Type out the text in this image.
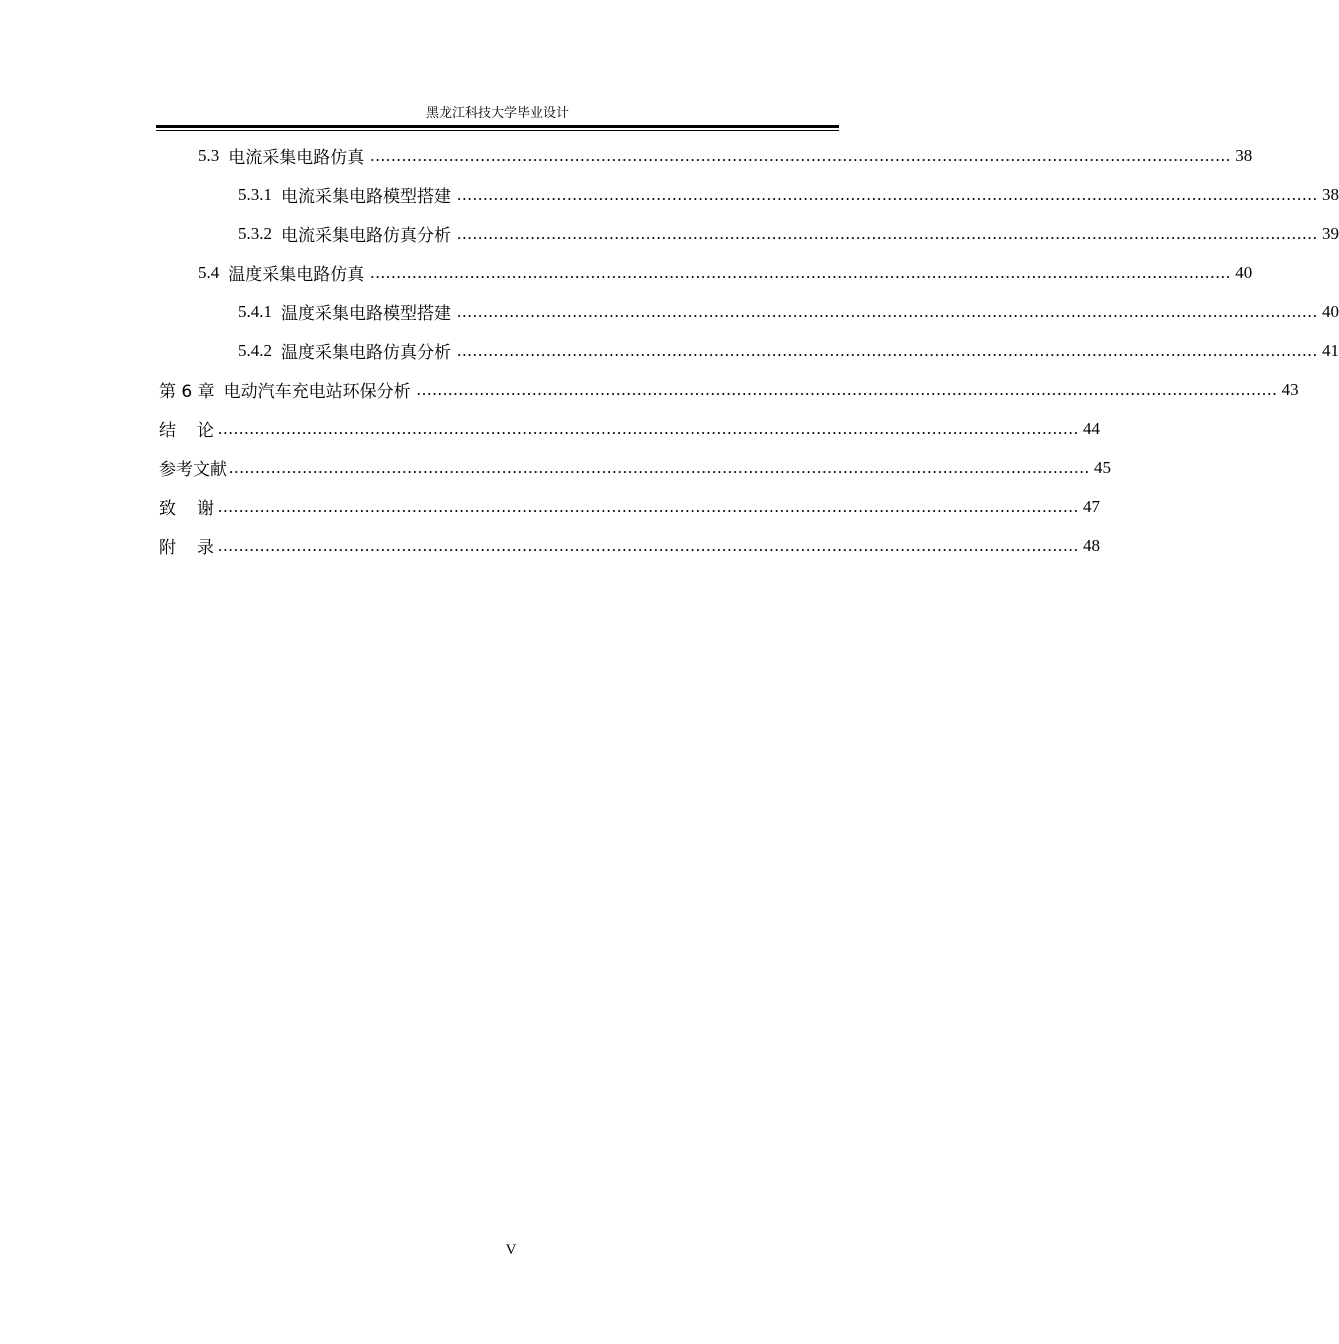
黑龙江科技大学毕业设计
5.3 电流采集电路仿真 .................................................................................................................................................................... 38
5.3.1 电流采集电路模型搭建 .................................................................................................................................................................... 38
5.3.2 电流采集电路仿真分析 .................................................................................................................................................................... 39
5.4 温度采集电路仿真 .................................................................................................................................................................... 40
5.4.1 温度采集电路模型搭建 .................................................................................................................................................................... 40
5.4.2 温度采集电路仿真分析 .................................................................................................................................................................... 41
第 6 章 电动汽车充电站环保分析 .................................................................................................................................................................... 43
结论
.................................................................................................................................................................... 44
参考文献 .................................................................................................................................................................... 45
致谢
.................................................................................................................................................................... 47
附录
.................................................................................................................................................................... 48
V
